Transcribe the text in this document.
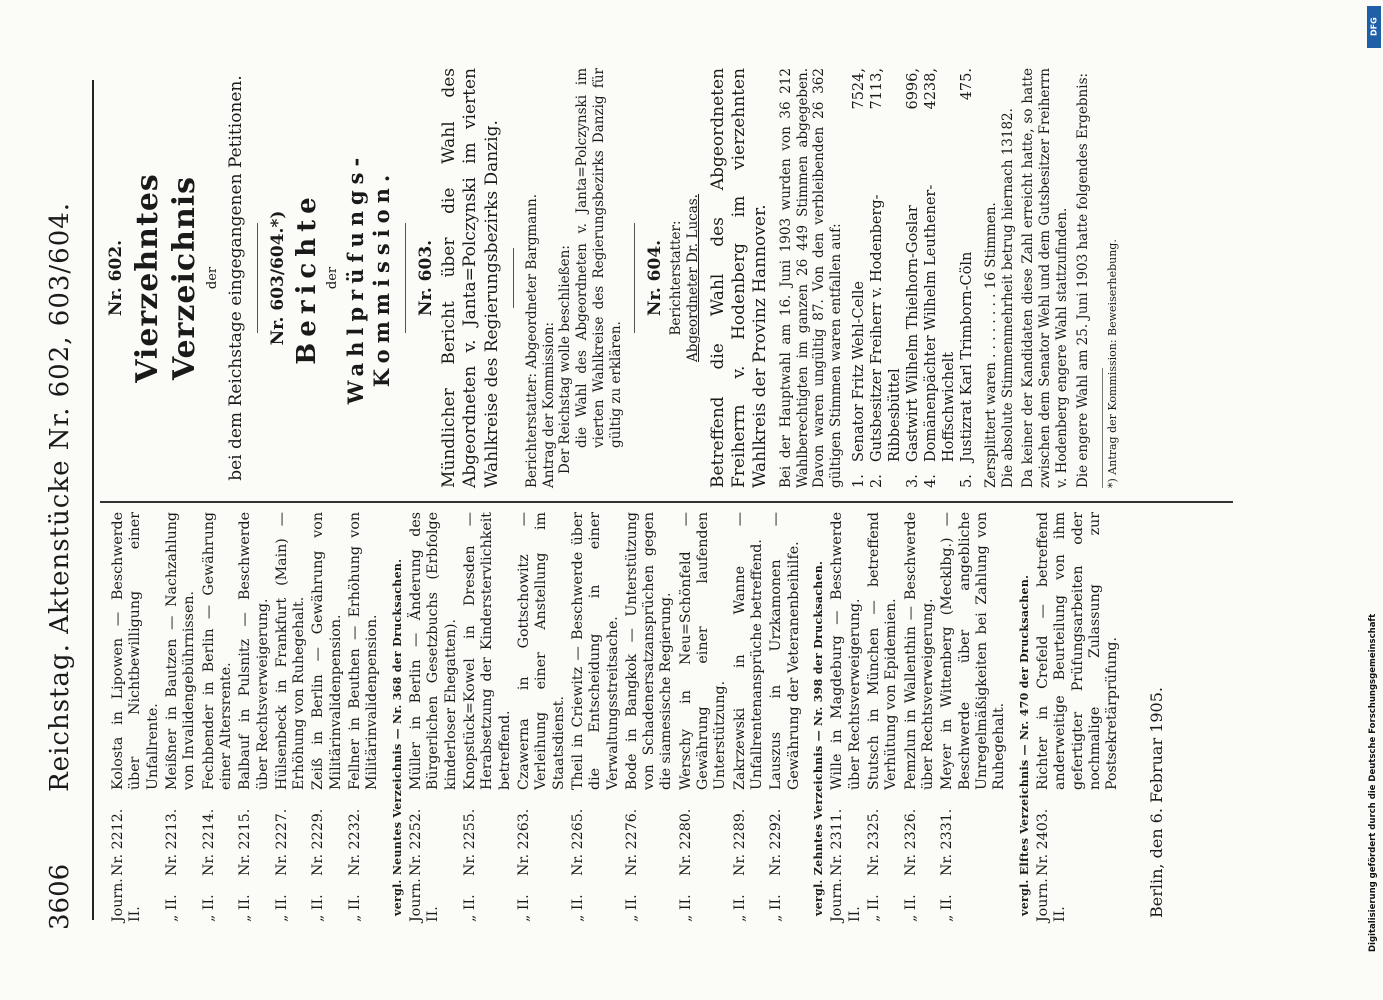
3606
Reichstag. Aktenstücke Nr. 602, 603/604.
Journ. II.
Nr. 2212.
Kolosta in Lipowen — Beschwerde über Nichtbewilligung einer Unfallrente.
„ II.
Nr. 2213.
Meißner in Bautzen — Nachzahlung von Invalidengebührnissen.
„ II.
Nr. 2214.
Fechbender in Berlin — Gewährung einer Altersrente.
„ II.
Nr. 2215.
Balbauf in Pulsnitz — Beschwerde über Rechtsverweigerung.
„ II.
Nr. 2227.
Hülsenbeck in Frankfurt (Main) — Erhöhung von Ruhegehalt.
„ II.
Nr. 2229.
Zeiß in Berlin — Gewährung von Militärinvalidenpension.
„ II.
Nr. 2232.
Fellner in Beuthen — Erhöhung von Militärinvalidenpension. vergl. Neuntes Verzeichnis — Nr. 368 der Drucksachen. Journ. II.
Nr. 2252.
Müller in Berlin — Änderung des Bürgerlichen Gesetzbuchs (Erbfolge kinderloser Ehegatten).
„ II.
Nr. 2255.
Knopstück=Kowel in Dresden — Herabsetzung der Kinderstervlichkeit betreffend.
„ II.
Nr. 2263.
Czawerna in Gottschowitz — Verleihung einer Anstellung im Staatsdienst.
„ II.
Nr. 2265.
Theil in Criewitz — Beschwerde über die Entscheidung in einer Verwaltungsstreitsache.
„ II.
Nr. 2276.
Bode in Bangkok — Unterstützung von Schadenersatzansprüchen gegen die siamesische Regierung.
„ II.
Nr. 2280.
Werschy in Neu=Schönfeld — Gewährung einer laufenden Unterstützung.
„ II.
Nr. 2289.
Zakrzewski in Wanne — Unfallrentenansprüche betreffend.
„ II.
Nr. 2292.
Lauszus in Urzkamonen — Gewährung der Veteranenbeihilfe. vergl. Zehntes Verzeichnis — Nr. 398 der Drucksachen. Journ. II.
Nr. 2311.
Wille in Magdeburg — Beschwerde über Rechtsverweigerung.
„ II.
Nr. 2325.
Stutsch in München — betreffend Verhütung von Epidemien.
„ II.
Nr. 2326.
Pemzlun in Wallenthin — Beschwerde über Rechtsverweigerung.
„ II.
Nr. 2331.
Meyer in Wittenberg (Mecklbg.) — Beschwerde über angebliche Unregelmäßigkeiten bei Zahlung von Ruhegehalt. vergl. Elftes Verzeichnis — Nr. 470 der Drucksachen. Journ. II.
Nr. 2403.
Richter in Crefeld — betreffend anderweitige Beurteilung von ihm gefertigter Prüfungsarbeiten oder nochmalige Zulassung zur Postsekretärprüfung. Berlin, den 6. Februar 1905.
Nr. 602. Vierzehntes Verzeichnis der bei dem Reichstage eingegangenen Petitionen. Nr. 603/604.*) Berichte der Wahlprüfungs-Kommission. Nr. 603. Mündlicher Bericht über die Wahl des Abgeordneten v. Janta=Polczynski im vierten Wahlkreise des Regierungsbezirks Danzig. Berichterstatter: Abgeordneter Bargmann. Antrag der Kommission: Der Reichstag wolle beschließen: die Wahl des Abgeordneten v. Janta=Polczynski im vierten Wahlkreise des Regierungsbezirks Danzig für gültig zu erklären.
Nr. 604. Berichterstatter: Abgeordneter Dr. Lucas. Betreffend die Wahl des Abgeordneten Freiherrn v. Hodenberg im vierzehnten Wahlkreis der Provinz Hannover. Bei der Hauptwahl am 16. Juni 1903 wurden von 36 212 Wahlberechtigten im ganzen 26 449 Stimmen abgegeben. Davon waren ungültig 87. Von den verbleibenden 26 362 gültigen Stimmen waren entfallen auf: 1.
Senator Fritz Wehl-Celle
7524,
2.
Gutsbesitzer Freiherr v. Hodenberg-Ribbesbüttel
7113,
3.
Gastwirt Wilhelm Thielhorn-Goslar
6996,
4.
Domänenpächter Wilhelm Leuthener-Hoffschwichelt
4238,
5.
Justizrat Karl Trimborn-Cöln
475.
Zersplittert waren . . . . . . . . 16 Stimmen. Die absolute Stimmenmehrheit betrug hiernach 13182. Da keiner der Kandidaten diese Zahl erreicht hatte, so hatte zwischen dem Senator Wehl und dem Gutsbesitzer Freiherrn v. Hodenberg engere Wahl stattzufinden. Die engere Wahl am 25. Juni 1903 hatte folgendes Ergebnis:	*) Antrag der Kommission: Beweiserhebung.
DFG
Digitalisierung gefördert durch die Deutsche Forschungsgemeinschaft
